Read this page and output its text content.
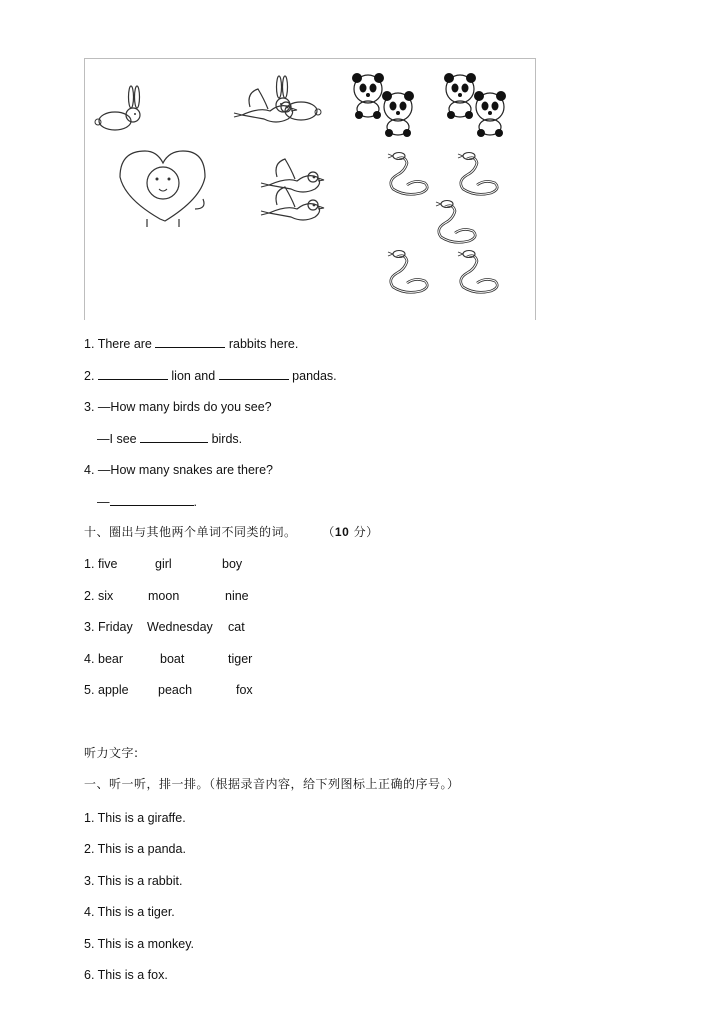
1. There are	rabbits here.
2.	lion and	pandas.
3. —How many birds do you see?
—I see	birds.
4. —How many snakes are there?
—	.
十、圈出与其他两个单词不同类的词。 （10 分）
1. five	girl	boy
2. six	moon	nine
3. Friday Wednesday cat
4. bear	boat	tiger
5. apple peach	fox
听力文字:
一、听一听，排一排。（根据录音内容，给下列图标上正确的序号。）
1. This is a giraffe.
2. This is a panda.
3. This is a rabbit.
4. This is a tiger.
5. This is a monkey.
6. This is a fox.
